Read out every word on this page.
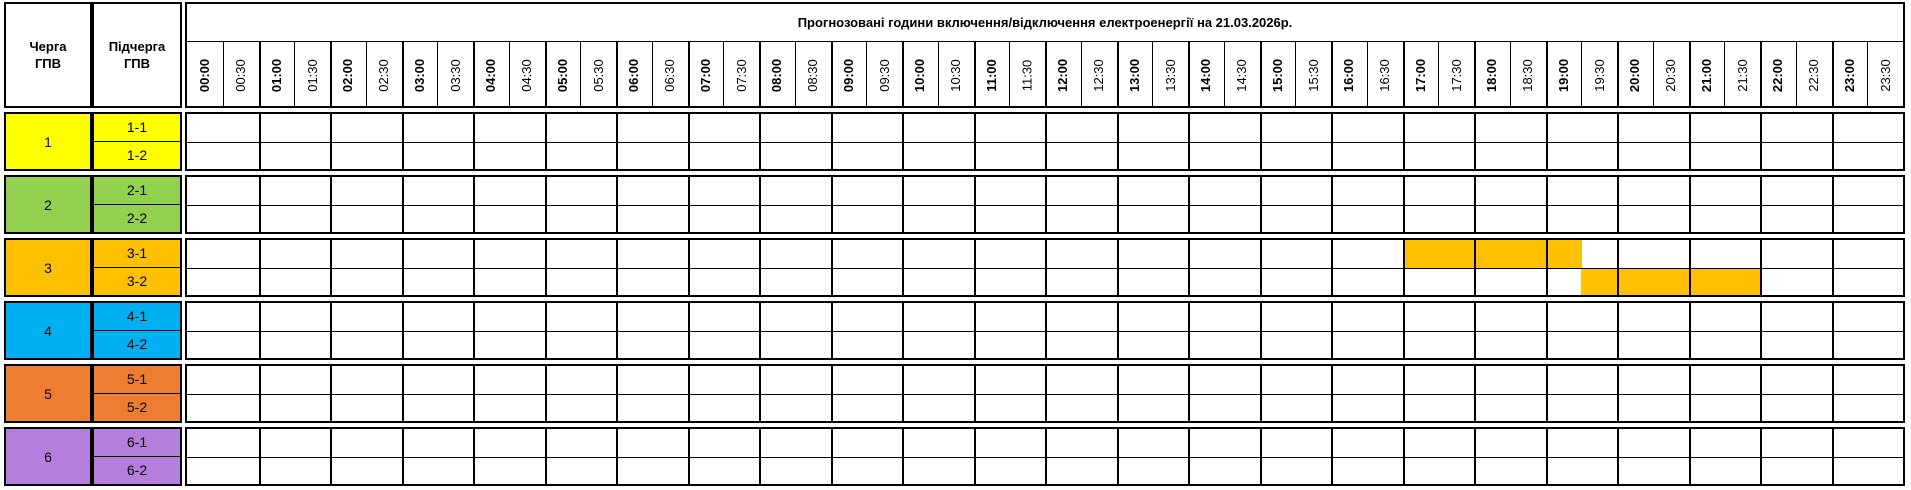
Черга ГПВ
Підчерга ГПВ
Прогнозовані години включення/відключення електроенергії на 21.03.2026р.
00:00 00:30 01:00 01:30 02:00 02:30 03:00 03:30 04:00 04:30 05:00 05:30 06:00 06:30 07:00 07:30 08:00 08:30 09:00 09:30 10:00 10:30 11:00 11:30 12:00 12:30 13:00 13:30 14:00 14:30 15:00 15:30 16:00 16:30 17:00 17:30 18:00 18:30 19:00 19:30 20:00 20:30 21:00 21:30 22:00 22:30 23:00 23:30
1
1-1
1-2
2
2-1
2-2
3
3-1
3-2
4
4-1
4-2
5
5-1
5-2
6
6-1
6-2
